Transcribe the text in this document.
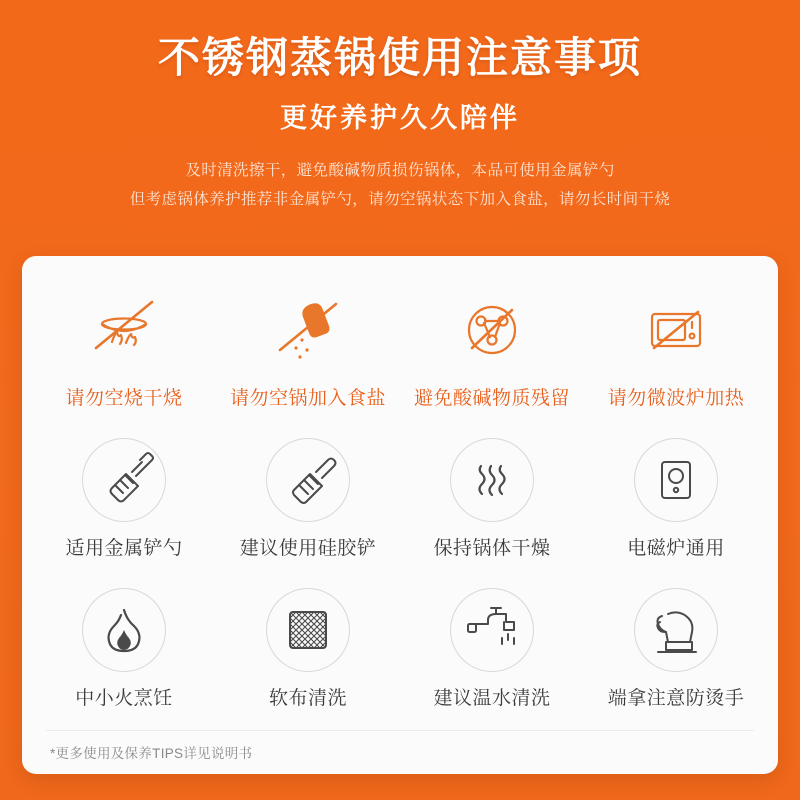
不锈钢蒸锅使用注意事项
更好养护久久陪伴
及时清洗擦干，避免酸碱物质损伤锅体，本品可使用金属铲勺
但考虑锅体养护推荐非金属铲勺，请勿空锅状态下加入食盐，请勿长时间干烧
请勿空烧干烧 请勿空锅加入食盐 避免酸碱物质残留 请勿微波炉加热
适用金属铲勺	建议使用硅胶铲	保持锅体干燥	电磁炉通用
中小火烹饪	软布清洗	建议温水清洗	端拿注意防烫手
*更多使用及保养TIPS详见说明书
